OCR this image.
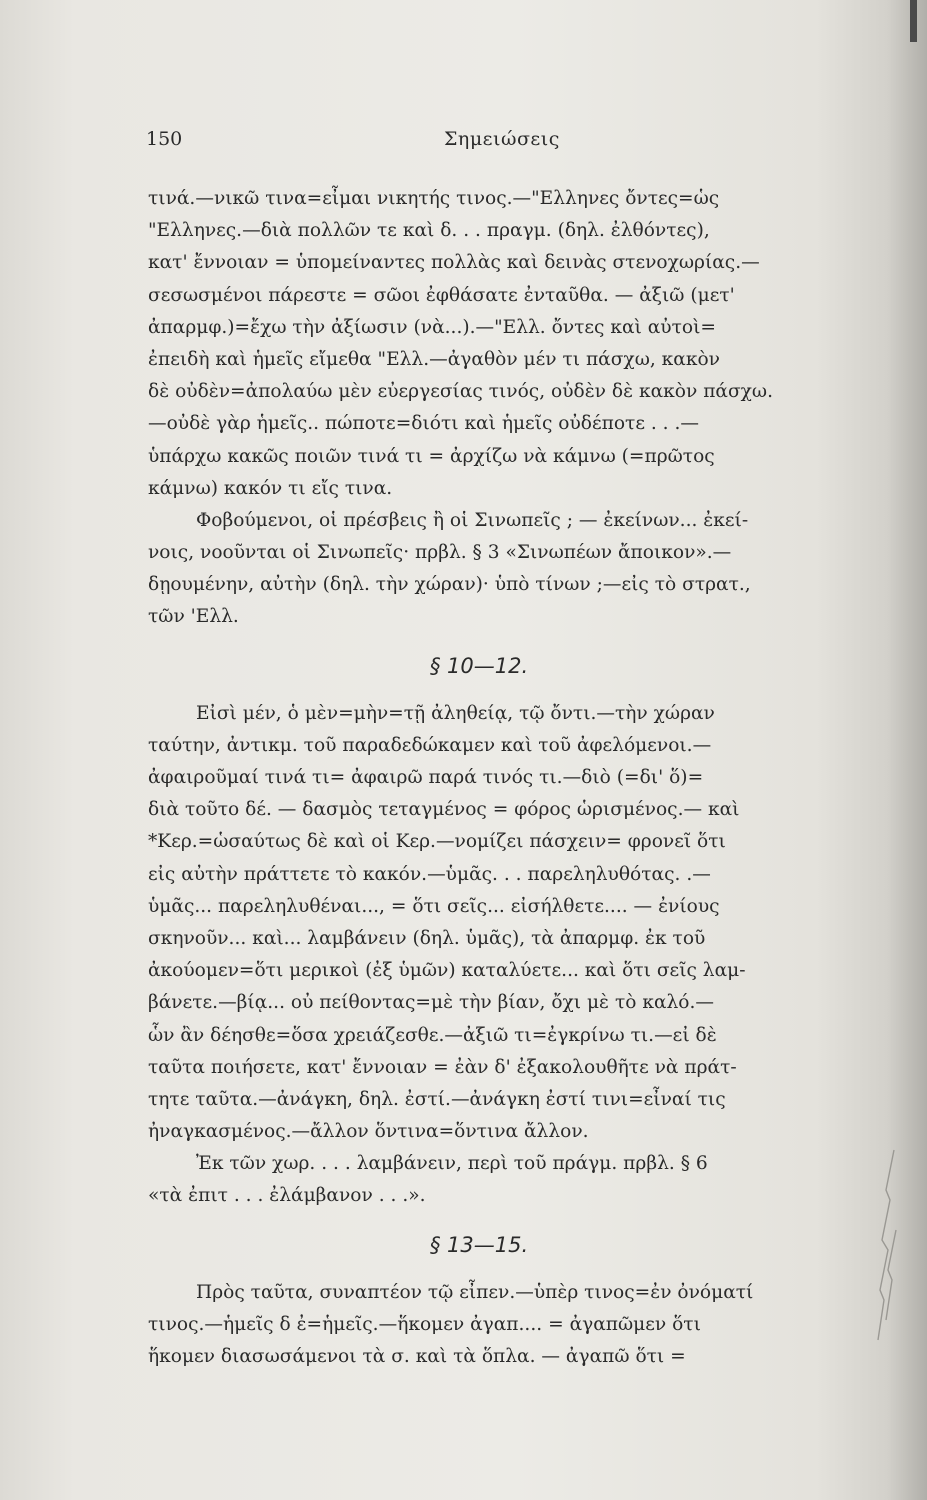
150	Σημειώσεις
τινά.—νικῶ τινα=εἶμαι νικητής τινος.—"Ελληνες ὄντες=ὡς
"Ελληνες.—διὰ πολλῶν τε καὶ δ. . . πραγμ. (δηλ. ἐλθόντες),
κατ' ἔννοιαν = ὑπομείναντες πολλὰς καὶ δεινὰς στενοχωρίας.—
σεσωσμένοι πάρεστε = σῶοι ἐφθάσατε ἐνταῦθα. — ἀξιῶ (μετ'
ἀπαρμφ.)=ἔχω τὴν ἀξίωσιν (νὰ...).—"Ελλ. ὄντες καὶ αὐτοὶ=
ἐπειδὴ καὶ ἡμεῖς εἴμεθα "Ελλ.—ἀγαθὸν μέν τι πάσχω, κακὸν
δὲ οὐδὲν=ἀπολαύω μὲν εὐεργεσίας τινός, οὐδὲν δὲ κακὸν πάσχω.
—οὐδὲ γὰρ ἡμεῖς.. πώποτε=διότι καὶ ἡμεῖς οὐδέποτε . . .—
ὑπάρχω κακῶς ποιῶν τινά τι = ἀρχίζω νὰ κάμνω (=πρῶτος
κάμνω) κακόν τι εἴς τινα.
Φοβούμενοι, οἱ πρέσβεις ἢ οἱ Σινωπεῖς ; — ἐκείνων... ἐκεί-
νοις, νοοῦνται οἱ Σινωπεῖς· πρβλ. § 3 «Σινωπέων ἄποικον».—
δῃουμένην, αὐτὴν (δηλ. τὴν χώραν)· ὑπὸ τίνων ;—εἰς τὸ στρατ.,
τῶν 'Ελλ.
§ 10—12.
Εἰσὶ μέν, ὁ μὲν=μὴν=τῇ ἀληθείᾳ, τῷ ὄντι.—τὴν χώραν
ταύτην, ἀντικμ. τοῦ παραδεδώκαμεν καὶ τοῦ ἀφελόμενοι.—
ἀφαιροῦμαί τινά τι= ἀφαιρῶ παρά τινός τι.—διὸ (=δι' ὅ)=
διὰ τοῦτο δέ. — δασμὸς τεταγμένος = φόρος ὡρισμένος.— καὶ
*Κερ.=ὡσαύτως δὲ καὶ οἱ Κερ.—νομίζει πάσχειν= φρονεῖ ὅτι
εἰς αὐτὴν πράττετε τὸ κακόν.—ὑμᾶς. . . παρεληλυθότας. .—
ὑμᾶς... παρεληλυθέναι..., = ὅτι σεῖς... εἰσήλθετε.... — ἐνίους
σκηνοῦν... καὶ... λαμβάνειν (δηλ. ὑμᾶς), τὰ ἀπαρμφ. ἐκ τοῦ
ἀκούομεν=ὅτι μερικοὶ (ἐξ ὑμῶν) καταλύετε... καὶ ὅτι σεῖς λαμ-
βάνετε.—βίᾳ... οὐ πείθοντας=μὲ τὴν βίαν, ὄχι μὲ τὸ καλό.—
ὧν ἂν δέησθε=ὅσα χρειάζεσθε.—ἀξιῶ τι=ἐγκρίνω τι.—εἰ δὲ
ταῦτα ποιήσετε, κατ' ἔννοιαν = ἐὰν δ' ἐξακολουθῆτε νὰ πράτ-
τητε ταῦτα.—ἀνάγκη, δηλ. ἐστί.—ἀνάγκη ἐστί τινι=εἶναί τις
ἠναγκασμένος.—ἄλλον ὅντινα=ὅντινα ἄλλον.
Ἐκ τῶν χωρ. . . . λαμβάνειν, περὶ τοῦ πράγμ. πρβλ. § 6
«τὰ ἐπιτ . . . ἐλάμβανον . . .».
§ 13—15.
Πρὸς ταῦτα, συναπτέον τῷ εἶπεν.—ὑπὲρ τινος=ἐν ὀνόματί
τινος.—ἡμεῖς δ ἐ=ἡμεῖς.—ἥκομεν ἀγαπ.... = ἀγαπῶμεν ὅτι
ἥκομεν διασωσάμενοι τὰ σ. καὶ τὰ ὅπλα. — ἀγαπῶ ὅτι =
